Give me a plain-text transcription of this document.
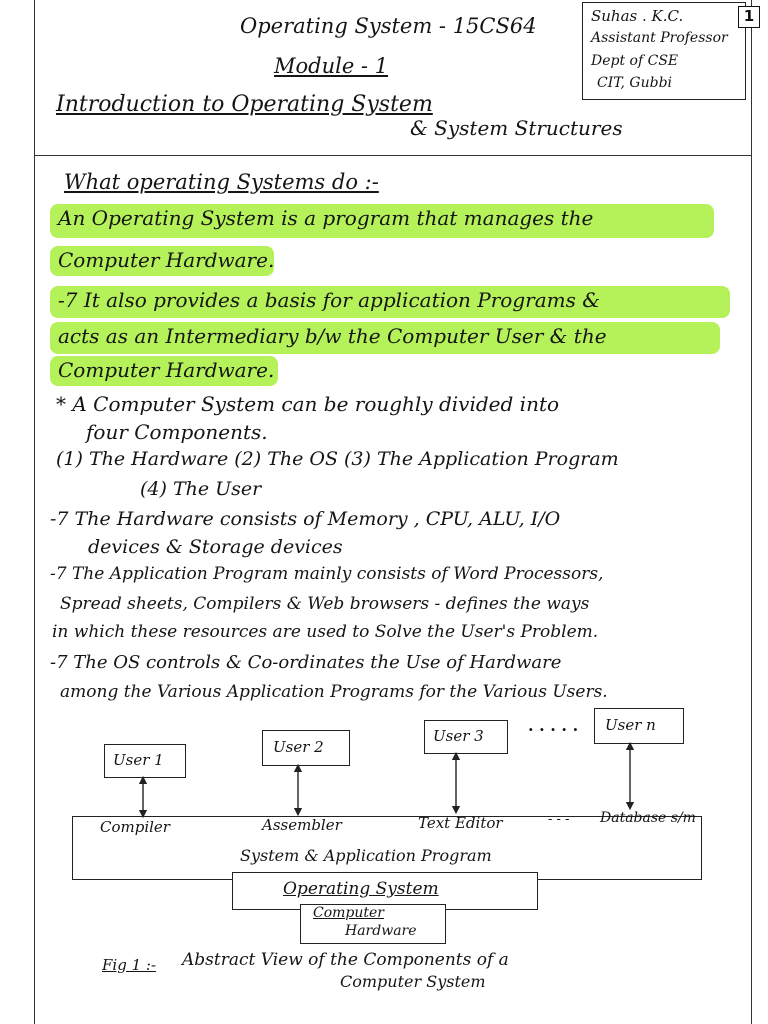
Operating System - 15CS64
Module - 1
Introduction to Operating System
& System Structures
Suhas . K.C.
Assistant Professor
Dept of CSE
CIT, Gubbi
1
What operating Systems do :-
An Operating System is a program that manages the
Computer Hardware.
-7 It also provides a basis for application Programs &
acts as an Intermediary b/w the Computer User & the
Computer Hardware.
* A Computer System can be roughly divided into
four Components.
(1) The Hardware (2) The OS (3) The Application Program
(4) The User
-7 The Hardware consists of Memory , CPU, ALU, I/O
devices & Storage devices
-7 The Application Program mainly consists of Word Processors,
Spread sheets, Compilers & Web browsers - defines the ways
in which these resources are used to Solve the User's Problem.
-7 The OS controls & Co-ordinates the Use of Hardware
among the Various Application Programs for the Various Users.
User 1
User 2
User 3
. . . . . User n
Compiler	Assembler	Text Editor	- - - Database s/m
System & Application Program
Operating System
Computer
Hardware
Fig 1 :- Abstract View of the Components of a
Computer System
